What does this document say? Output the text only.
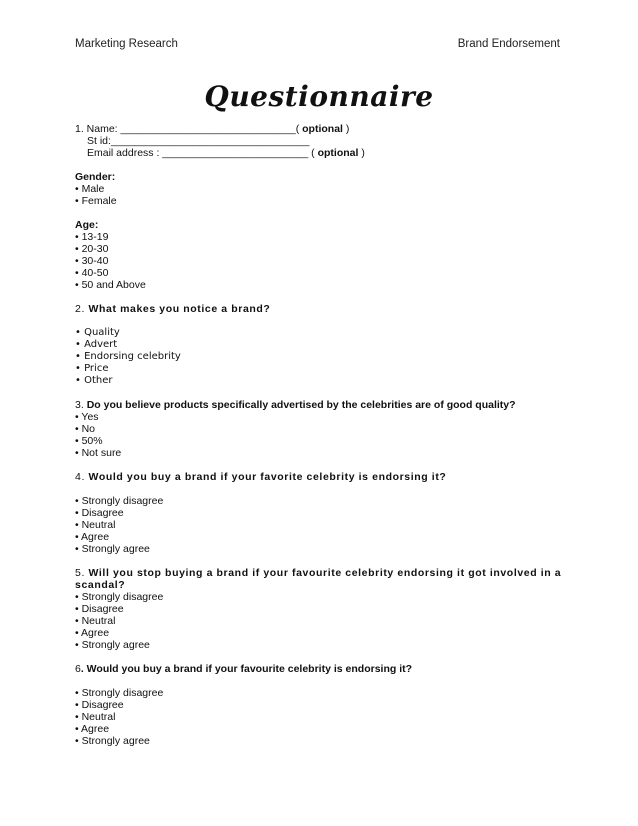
Marketing Research	Brand Endorsement
Questionnaire
1. Name: ______________________________( optional )
St id:__________________________________
Email address : _________________________ ( optional )
Gender:
• Male
• Female
Age:
• 13-19
• 20-30
• 30-40
• 40-50
• 50 and Above
2. What makes you notice a brand?
• Quality
• Advert
• Endorsing celebrity
• Price
• Other
3. Do you believe products specifically advertised by the celebrities are of good quality?
• Yes
• No
• 50%
• Not sure
4. Would you buy a brand if your favorite celebrity is endorsing it?
• Strongly disagree
• Disagree
• Neutral
• Agree
• Strongly agree
5. Will you stop buying a brand if your favourite celebrity endorsing it got involved in a scandal?
• Strongly disagree
• Disagree
• Neutral
• Agree
• Strongly agree
6. Would you buy a brand if your favourite celebrity is endorsing it?
• Strongly disagree
• Disagree
• Neutral
• Agree
• Strongly agree
